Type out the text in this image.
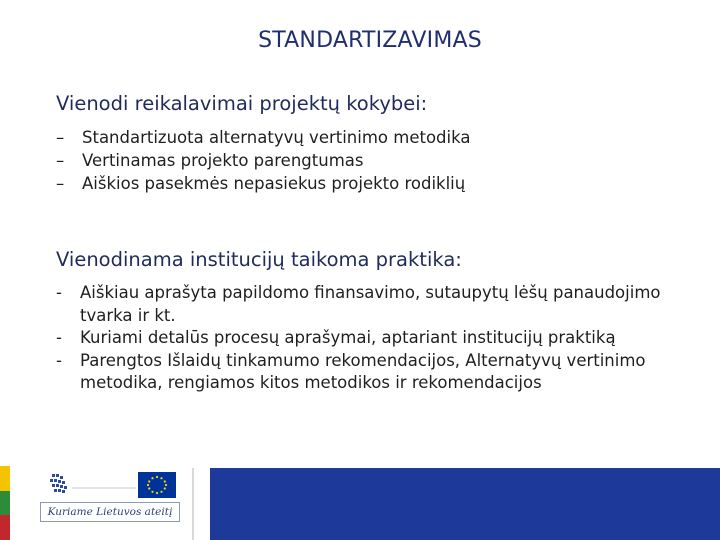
STANDARTIZAVIMAS
Vienodi reikalavimai projektų kokybei:
– Standartizuota alternatyvų vertinimo metodika
– Vertinamas projekto parengtumas
– Aiškios pasekmės nepasiekus projekto rodiklių
Vienodinama institucijų taikoma praktika:
- Aiškiau aprašyta papildomo finansavimo, sutaupytų lėšų panaudojimo tvarka ir kt.
- Kuriami detalūs procesų aprašymai, aptariant institucijų praktiką
- Parengtos Išlaidų tinkamumo rekomendacijos, Alternatyvų vertinimo metodika, rengiamos kitos metodikos ir rekomendacijos
Kuriame Lietuvos ateitį
